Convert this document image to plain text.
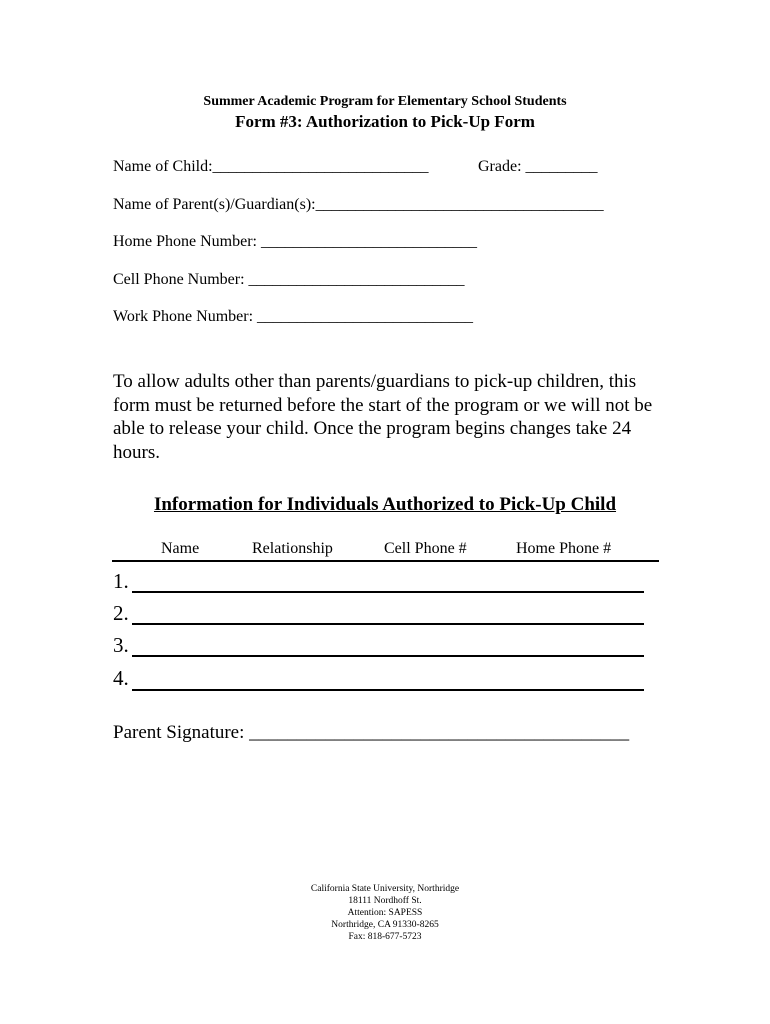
Summer Academic Program for Elementary School Students
Form #3: Authorization to Pick-Up Form
Name of Child:___________________________	Grade: _________
Name of Parent(s)/Guardian(s):____________________________________
Home Phone Number: ___________________________
Cell Phone Number: ___________________________
Work Phone Number: ___________________________
To allow adults other than parents/guardians to pick-up children, this form must be returned before the start of the program or we will not be able to release your child. Once the program begins changes take 24 hours.
Information for Individuals Authorized to Pick-Up Child
Name	Relationship	Cell Phone #	Home Phone #
1.
2.
3.
4.
Parent Signature: ________________________________________
California State University, Northridge
18111 Nordhoff St.
Attention: SAPESS
Northridge, CA 91330-8265
Fax: 818-677-5723
